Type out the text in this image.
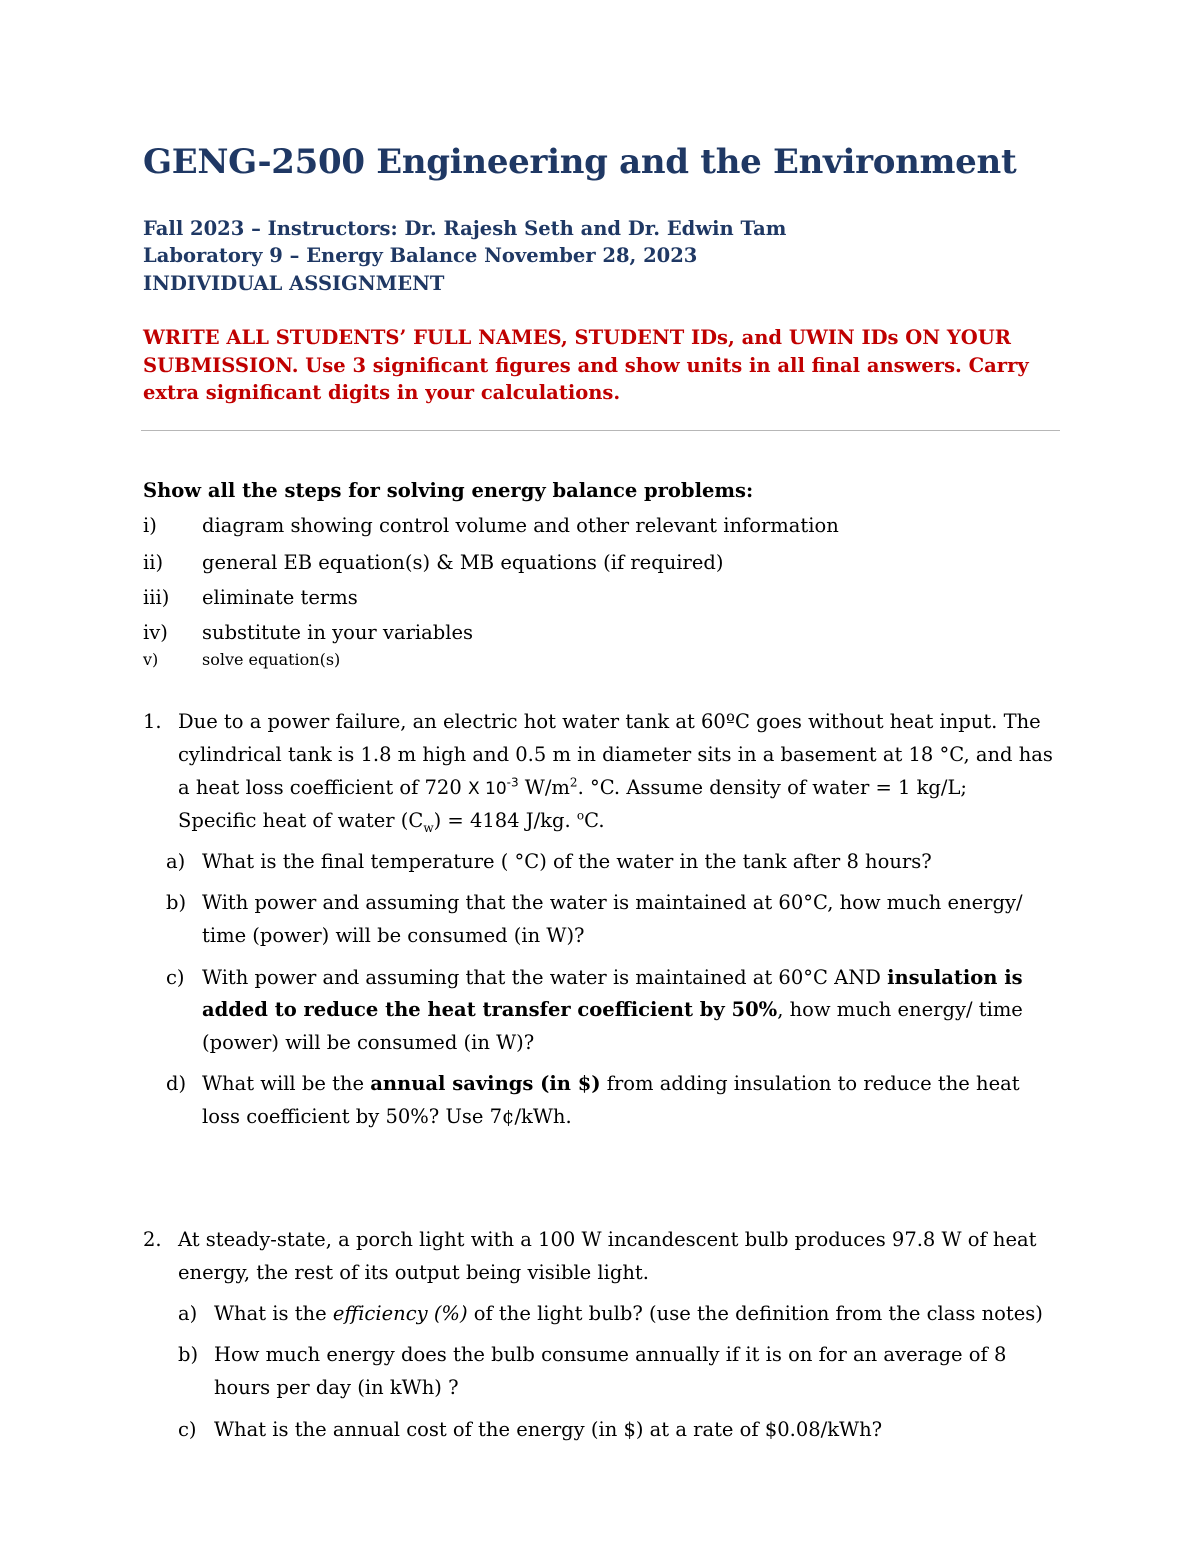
GENG-2500 Engineering and the Environment
Fall 2023 – Instructors: Dr. Rajesh Seth and Dr. Edwin Tam
Laboratory 9 – Energy Balance November 28, 2023
INDIVIDUAL ASSIGNMENT
WRITE ALL STUDENTS’ FULL NAMES, STUDENT IDs, and UWIN IDs ON YOUR
SUBMISSION. Use 3 significant figures and show units in all final answers. Carry
extra significant digits in your calculations.
Show all the steps for solving energy balance problems:
i) diagram showing control volume and other relevant information
ii) general EB equation(s) & MB equations (if required)
iii) eliminate terms
iv) substitute in your variables
v)	solve equation(s)
1. Due to a power failure, an electric hot water tank at 60ºC goes without heat input. The
cylindrical tank is 1.8 m high and 0.5 m in diameter sits in a basement at 18 °C, and has
a heat loss coefficient of 720 X $10^{-3}$ $W/m^2$. °C. Assume density of water = 1 kg/L;
Specific heat of water $(C_w) = 4184$ J/kg. $^o$C.
a) What is the final temperature ( °C) of the water in the tank after 8 hours?
b) With power and assuming that the water is maintained at 60°C, how much energy/
time (power) will be consumed (in W)?
c) With power and assuming that the water is maintained at 60°C AND insulation is
added to reduce the heat transfer coefficient by 50%, how much energy/ time
(power) will be consumed (in W)?
d) What will be the annual savings (in $) from adding insulation to reduce the heat
loss coefficient by 50%? Use 7¢/kWh.
2. At steady-state, a porch light with a 100 W incandescent bulb produces 97.8 W of heat
energy, the rest of its output being visible light.
a) What is the efficiency (%) of the light bulb? (use the definition from the class notes)
b) How much energy does the bulb consume annually if it is on for an average of 8
hours per day (in kWh) ?
c) What is the annual cost of the energy (in $) at a rate of $0.08/kWh?
